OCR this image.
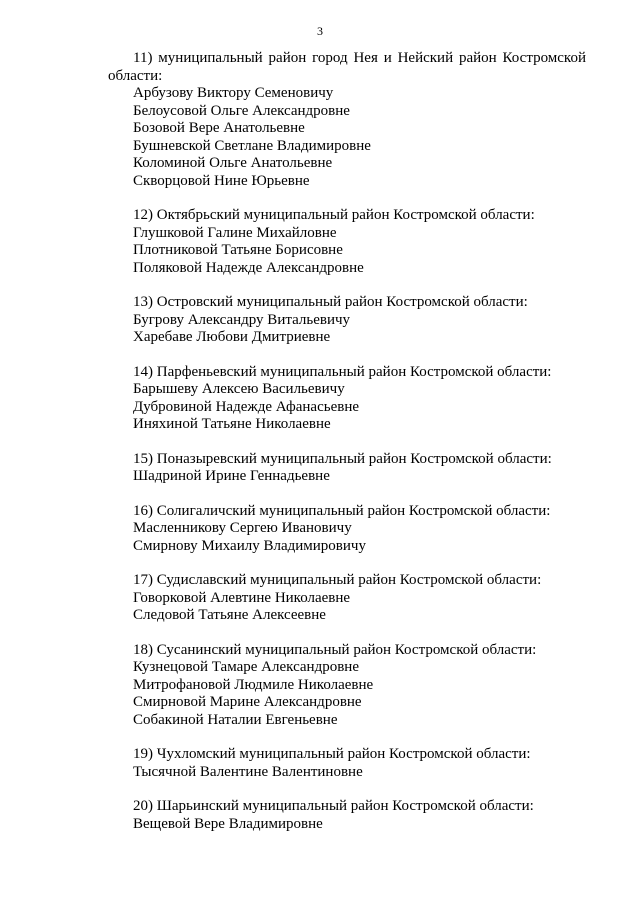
3
11) муниципальный район город Нея и Нейский район Костромской
области:
Арбузову Виктору Семеновичу
Белоусовой Ольге Александровне
Бозовой Вере Анатольевне
Бушневской Светлане Владимировне
Коломиной Ольге Анатольевне
Скворцовой Нине Юрьевне
12) Октябрьский муниципальный район Костромской области:
Глушковой Галине Михайловне
Плотниковой Татьяне Борисовне
Поляковой Надежде Александровне
13) Островский муниципальный район Костромской области:
Бугрову Александру Витальевичу
Харебаве Любови Дмитриевне
14) Парфеньевский муниципальный район Костромской области:
Барышеву Алексею Васильевичу
Дубровиной Надежде Афанасьевне
Иняхиной Татьяне Николаевне
15) Поназыревский муниципальный район Костромской области:
Шадриной Ирине Геннадьевне
16) Солигаличский муниципальный район Костромской области:
Масленникову Сергею Ивановичу
Смирнову Михаилу Владимировичу
17) Судиславский муниципальный район Костромской области:
Говорковой Алевтине Николаевне
Следовой Татьяне Алексеевне
18) Сусанинский муниципальный район Костромской области:
Кузнецовой Тамаре Александровне
Митрофановой Людмиле Николаевне
Смирновой Марине Александровне
Собакиной Наталии Евгеньевне
19) Чухломский муниципальный район Костромской области:
Тысячной Валентине Валентиновне
20) Шарьинский муниципальный район Костромской области:
Вещевой Вере Владимировне
